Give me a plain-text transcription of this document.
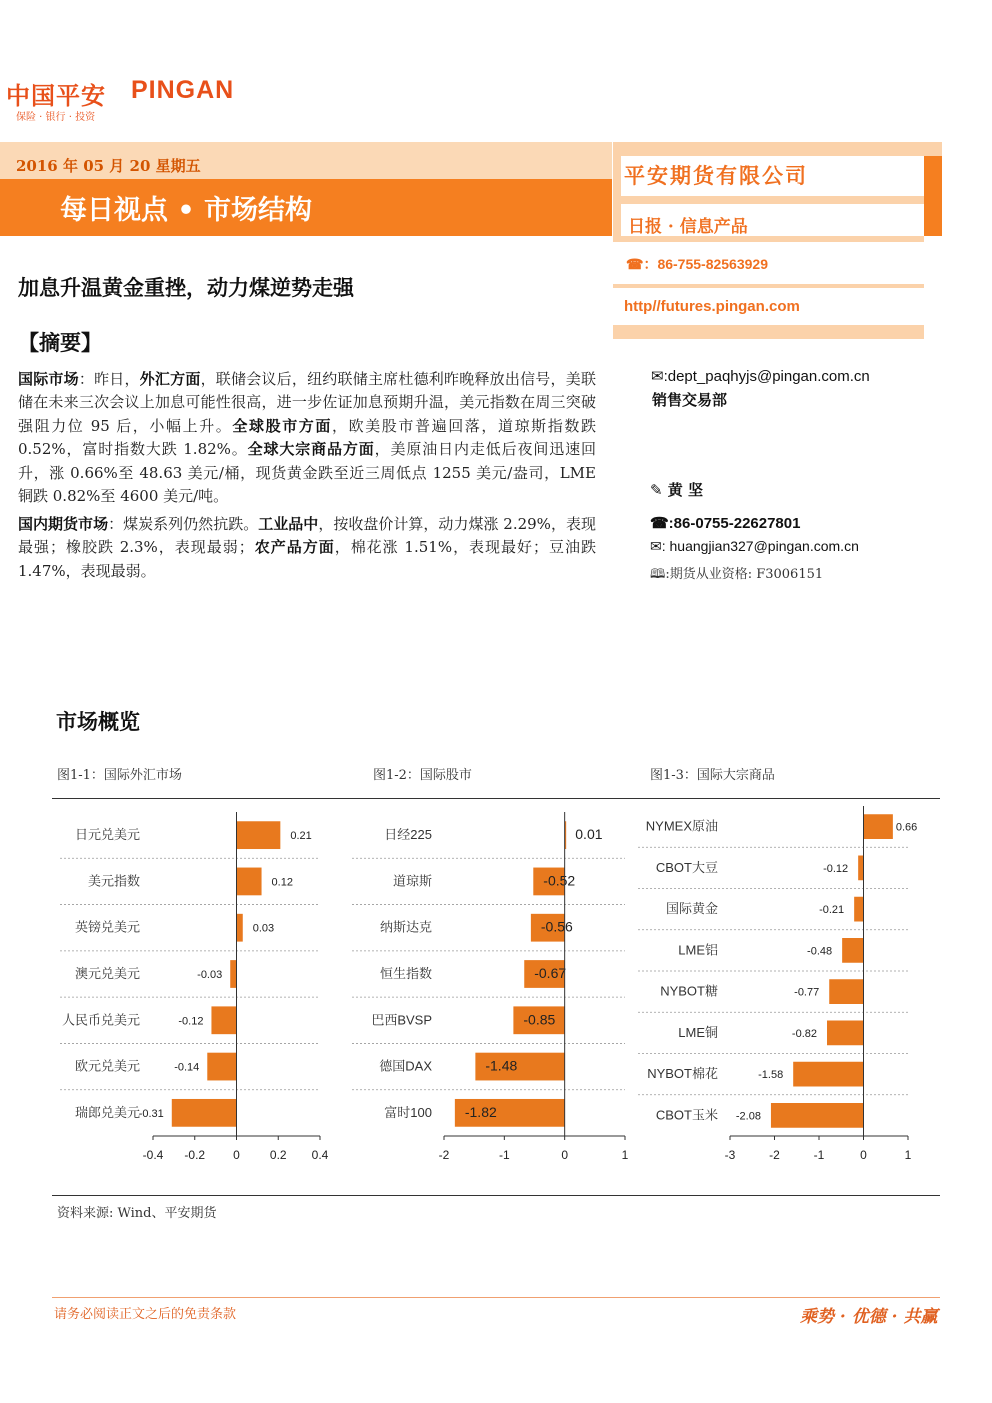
中国平安 PINGAN
保险 · 银行 · 投资
2016 年 05 月 20 星期五
每日视点 • 市场结构
平安期货有限公司
日报 · 信息产品
☎：86-755-82563929
http//futures.pingan.com
加息升温黄金重挫，动力煤逆势走强
【摘要】
国际市场：昨日，外汇方面，联储会议后，纽约联储主席杜德利昨晚释放出信号，美联储在未来三次会议上加息可能性很高，进一步佐证加息预期升温，美元指数在周三突破强阻力位 95 后，小幅上升。全球股市方面，欧美股市普遍回落，道琼斯指数跌 0.52%，富时指数大跌 1.82%。全球大宗商品方面，美原油日内走低后夜间迅速回升，涨 0.66%至 48.63 美元/桶，现货黄金跌至近三周低点 1255 美元/盎司，LME 铜跌 0.82%至 4600 美元/吨。
国内期货市场：煤炭系列仍然抗跌。工业品中，按收盘价计算，动力煤涨 2.29%，表现最强；橡胶跌 2.3%，表现最弱；农产品方面，棉花涨 1.51%，表现最好；豆油跌 1.47%，表现最弱。
✉:dept_paqhyjs@pingan.com.cn
销售交易部
✎ 黄 坚
☎:86-0755-22627801
✉: huangjian327@pingan.com.cn
🕮:期货从业资格: F3006151
市场概览
图1-1：国际外汇市场	图1-2：国际股市	图1-3：国际大宗商品
日元兑美元	0.21
美元指数	0.12
英镑兑美元	0.03
澳元兑美元	-0.03
人民币兑美元	-0.12
欧元兑美元	-0.14
瑞郎兑美元
-0.31
-0.4 -0.2 0	0.2 0.4
日经225	0.01
道琼斯	-0.52
纳斯达克	-0.56
恒生指数	-0.67
巴西BVSP	-0.85
德国DAX	-1.48
富时100 -1.82
-2	-1	0	1
NYMEX原油	0.66
CBOT大豆	-0.12
国际黄金	-0.21
LME铝	-0.48
NYBOT糖	-0.77
LME铜	-0.82
NYBOT棉花	-1.58
CBOT玉米 -2.08
-3	-2	-1	0	1
资料来源: Wind、平安期货
请务必阅读正文之后的免责条款	乘势 · 优德 · 共赢
